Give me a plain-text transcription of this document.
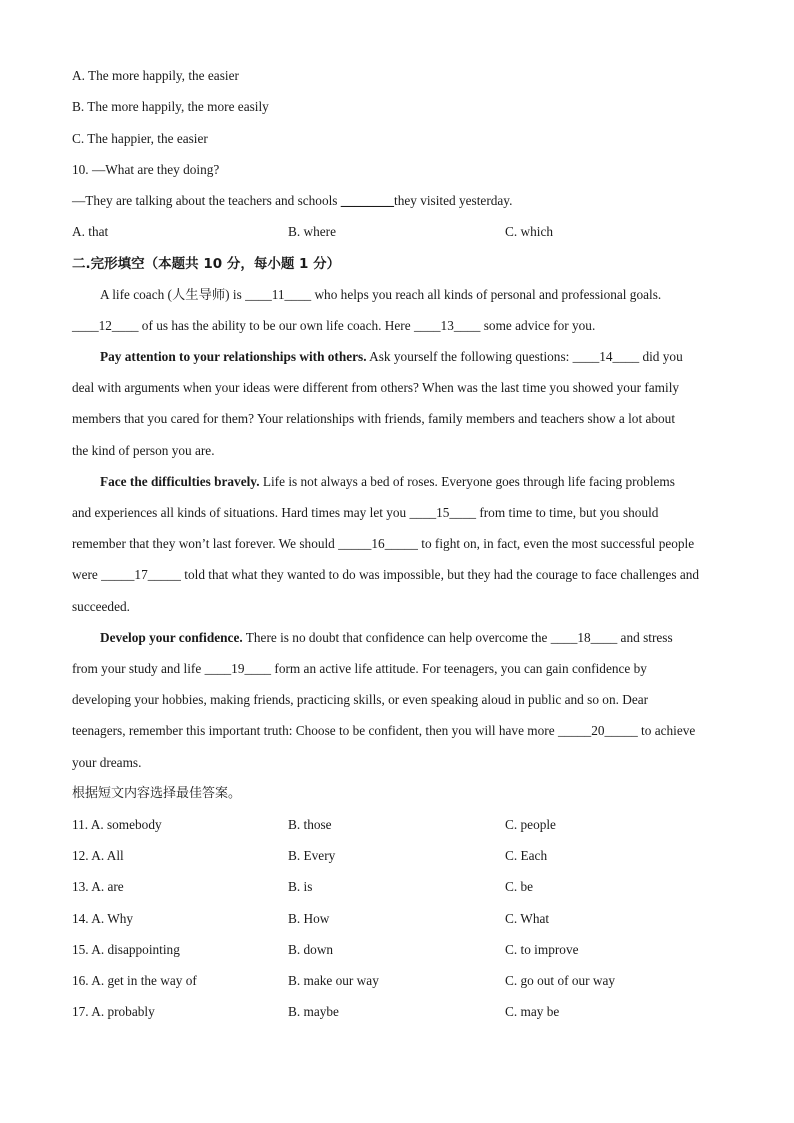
A. The more happily, the easier
B. The more happily, the more easily
C. The happier, the easier
10. —What are they doing?
—They are talking about the teachers and schools ________they visited yesterday.
A. that	B. where	C. which
二.完形填空（本题共 10 分，每小题 1 分）
A life coach (人生导师) is ____11____ who helps you reach all kinds of personal and professional goals.
____12____ of us has the ability to be our own life coach. Here ____13____ some advice for you.
Pay attention to your relationships with others. Ask yourself the following questions: ____14____ did you
deal with arguments when your ideas were different from others? When was the last time you showed your family
members that you cared for them? Your relationships with friends, family members and teachers show a lot about
the kind of person you are.
Face the difficulties bravely. Life is not always a bed of roses. Everyone goes through life facing problems
and experiences all kinds of situations. Hard times may let you ____15____ from time to time, but you should
remember that they won’t last forever. We should _____16_____ to fight on, in fact, even the most successful people
were _____17_____ told that what they wanted to do was impossible, but they had the courage to face challenges and
succeeded.
Develop your confidence. There is no doubt that confidence can help overcome the ____18____ and stress
from your study and life ____19____ form an active life attitude. For teenagers, you can gain confidence by
developing your hobbies, making friends, practicing skills, or even speaking aloud in public and so on. Dear
teenagers, remember this important truth: Choose to be confident, then you will have more _____20_____ to achieve
your dreams.
根据短文内容选择最佳答案。
11. A. somebody	B. those	C. people
12. A. All	B. Every	C. Each
13. A. are	B. is	C. be
14. A. Why	B. How	C. What
15. A. disappointing	B. down	C. to improve
16. A. get in the way of	B. make our way	C. go out of our way
17. A. probably	B. maybe	C. may be
